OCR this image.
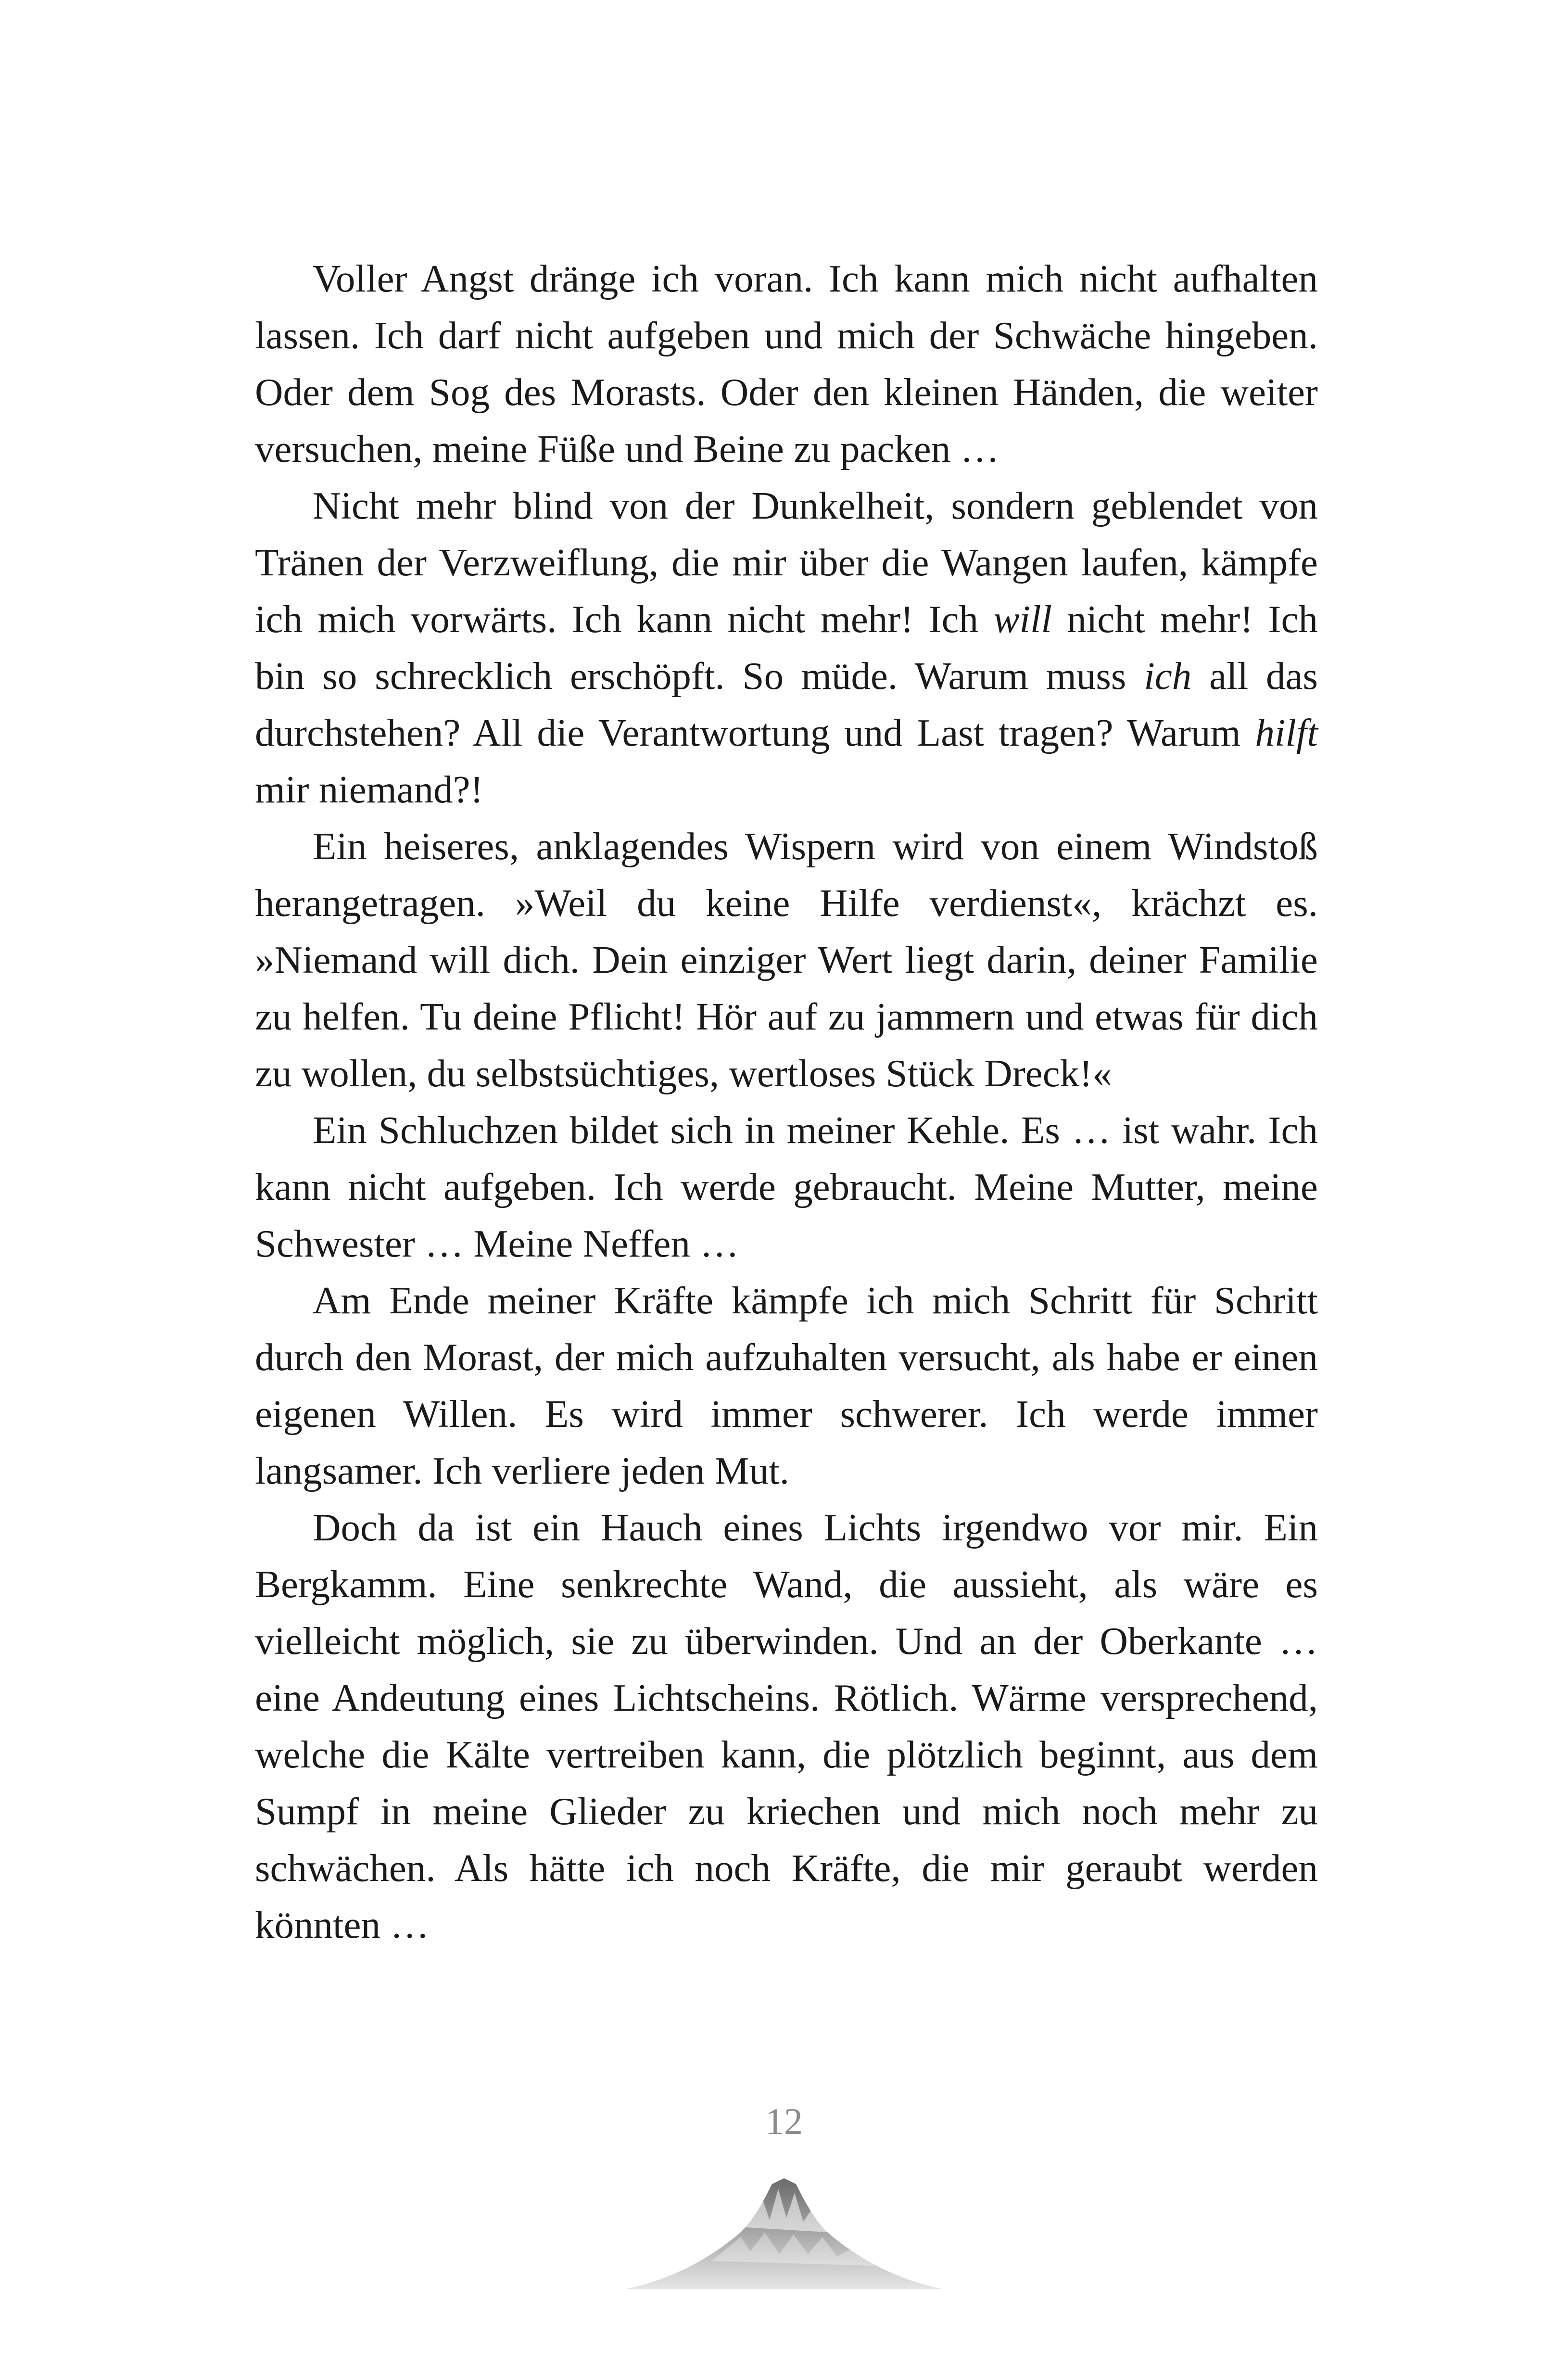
Voller Angst dränge ich voran. Ich kann mich nicht aufhalten lassen. Ich darf nicht aufgeben und mich der Schwäche hingeben. Oder dem Sog des Morasts. Oder den kleinen Händen, die weiter versuchen, meine Füße und Beine zu packen …

Nicht mehr blind von der Dunkelheit, sondern geblendet von Tränen der Verzweiflung, die mir über die Wangen laufen, kämpfe ich mich vorwärts. Ich kann nicht mehr! Ich will nicht mehr! Ich bin so schrecklich erschöpft. So müde. Warum muss ich all das durchstehen? All die Verantwortung und Last tragen? Warum hilft mir niemand?!

Ein heiseres, anklagendes Wispern wird von einem Windstoß herangetragen. »Weil du keine Hilfe verdienst«, krächzt es. »Niemand will dich. Dein einziger Wert liegt darin, deiner Familie zu helfen. Tu deine Pflicht! Hör auf zu jammern und etwas für dich zu wollen, du selbstsüchtiges, wertloses Stück Dreck!«

Ein Schluchzen bildet sich in meiner Kehle. Es … ist wahr. Ich kann nicht aufgeben. Ich werde gebraucht. Meine Mutter, meine Schwester … Meine Neffen …

Am Ende meiner Kräfte kämpfe ich mich Schritt für Schritt durch den Morast, der mich aufzuhalten versucht, als habe er einen eigenen Willen. Es wird immer schwerer. Ich werde immer langsamer. Ich verliere jeden Mut.

Doch da ist ein Hauch eines Lichts irgendwo vor mir. Ein Bergkamm. Eine senkrechte Wand, die aussieht, als wäre es vielleicht möglich, sie zu überwinden. Und an der Oberkante … eine Andeutung eines Lichtscheins. Rötlich. Wärme versprechend, welche die Kälte vertreiben kann, die plötzlich beginnt, aus dem Sumpf in meine Glieder zu kriechen und mich noch mehr zu schwächen. Als hätte ich noch Kräfte, die mir geraubt werden könnten …

12
